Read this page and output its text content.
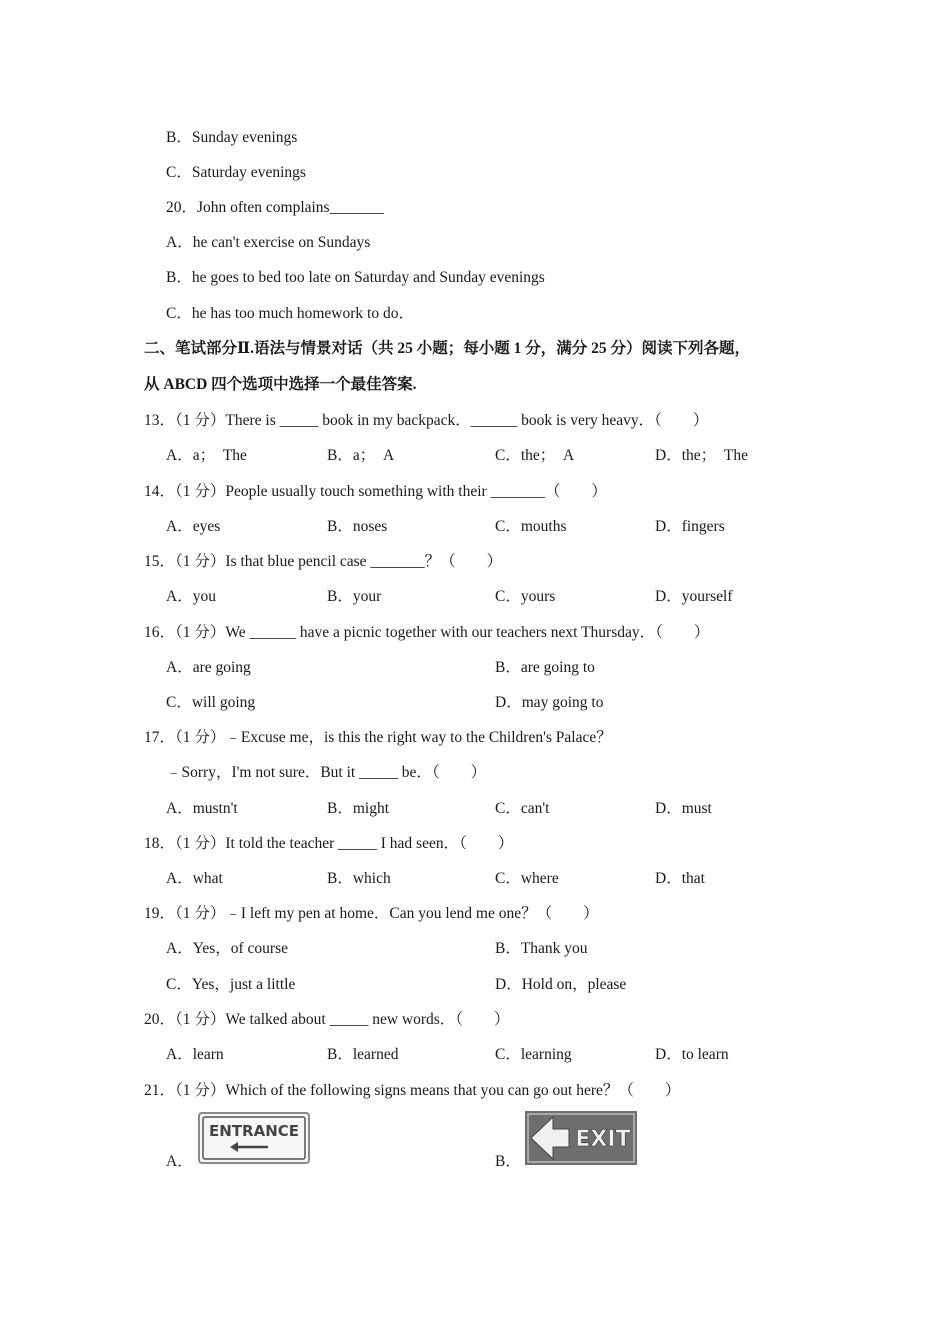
B．Sunday evenings
C．Saturday evenings
20．John often complains_______
A．he can't exercise on Sundays
B．he goes to bed too late on Saturday and Sunday evenings
C．he has too much homework to do．
二、笔试部分Ⅱ.语法与情景对话（共 25 小题；每小题 1 分，满分 25 分）阅读下列各题，
从 ABCD 四个选项中选择一个最佳答案.
13．（1 分）There is _____ book in my backpack．______ book is very heavy．（　　）
A．a；　The	B．a；　A	C．the；　A	D．the；　The
14．（1 分）People usually touch something with their _______（　　）
A．eyes	B．noses	C．mouths	D．fingers
15．（1 分）Is that blue pencil case _______？（　　）
A．you	B．your	C．yours	D．yourself
16．（1 分）We ______ have a picnic together with our teachers next Thursday．（　　）
A．are going	B．are going to
C．will going	D．may going to
17．（1 分）﹣Excuse me，is this the right way to the Children's Palace？
﹣Sorry，I'm not sure．But it _____ be．（　　）
A．mustn't	B．might	C．can't	D．must
18．（1 分）It told the teacher _____ I had seen．（　　）
A．what	B．which	C．where	D．that
19．（1 分）﹣I left my pen at home．Can you lend me one？（　　）
A．Yes，of course	B．Thank you
C．Yes，just a little	D．Hold on，please
20．（1 分）We talked about _____ new words．（　　）
A．learn	B．learned	C．learning	D．to learn
21．（1 分）Which of the following signs means that you can go out here？（　　）
A．	B．
ENTRANCE	EXIT
